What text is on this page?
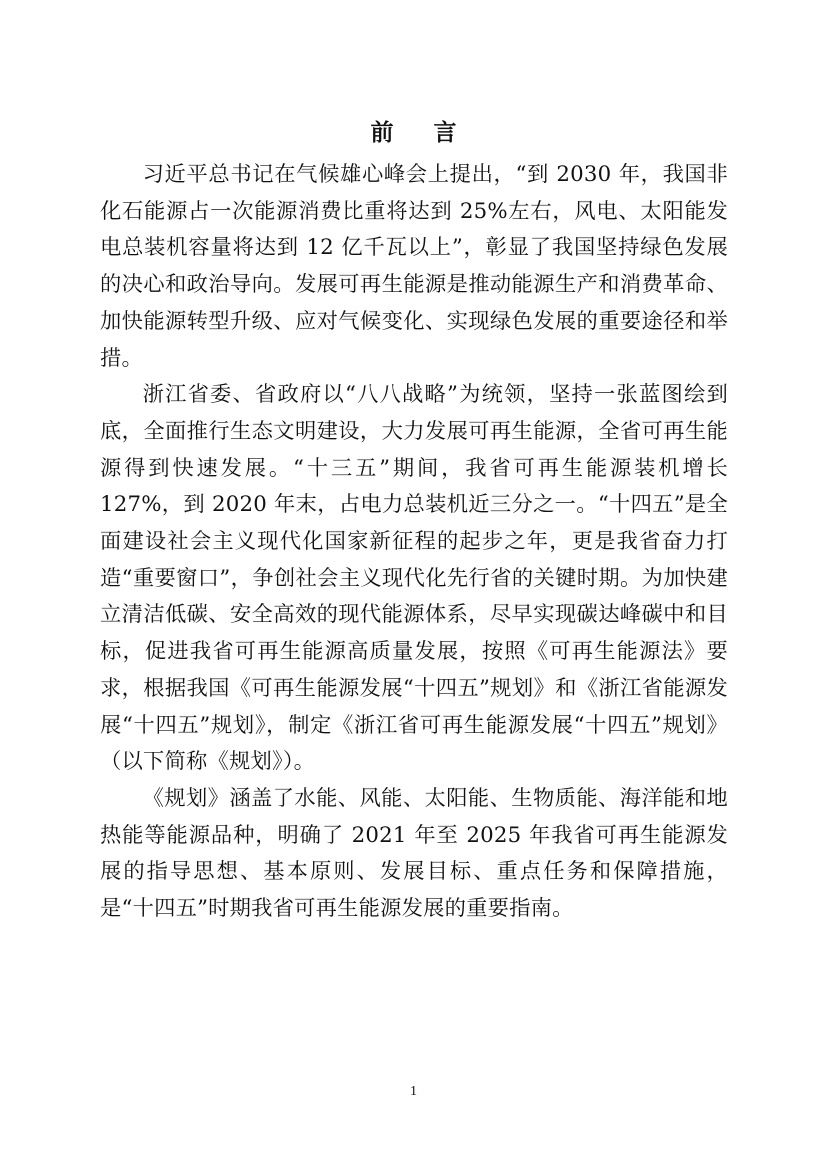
前 言

习近平总书记在气候雄心峰会上提出，“到 2030 年，我国非化石能源占一次能源消费比重将达到 25%左右，风电、太阳能发电总装机容量将达到 12 亿千瓦以上”，彰显了我国坚持绿色发展的决心和政治导向。发展可再生能源是推动能源生产和消费革命、加快能源转型升级、应对气候变化、实现绿色发展的重要途径和举措。

浙江省委、省政府以“八八战略”为统领，坚持一张蓝图绘到底，全面推行生态文明建设，大力发展可再生能源，全省可再生能源得到快速发展。“十三五”期间，我省可再生能源装机增长 127%，到 2020 年末，占电力总装机近三分之一。“十四五”是全面建设社会主义现代化国家新征程的起步之年，更是我省奋力打造“重要窗口”，争创社会主义现代化先行省的关键时期。为加快建立清洁低碳、安全高效的现代能源体系，尽早实现碳达峰碳中和目标，促进我省可再生能源高质量发展，按照《可再生能源法》要求，根据我国《可再生能源发展“十四五”规划》和《浙江省能源发展“十四五”规划》，制定《浙江省可再生能源发展“十四五”规划》（以下简称《规划》）。

《规划》涵盖了水能、风能、太阳能、生物质能、海洋能和地热能等能源品种，明确了 2021 年至 2025 年我省可再生能源发展的指导思想、基本原则、发展目标、重点任务和保障措施，是“十四五”时期我省可再生能源发展的重要指南。

1
